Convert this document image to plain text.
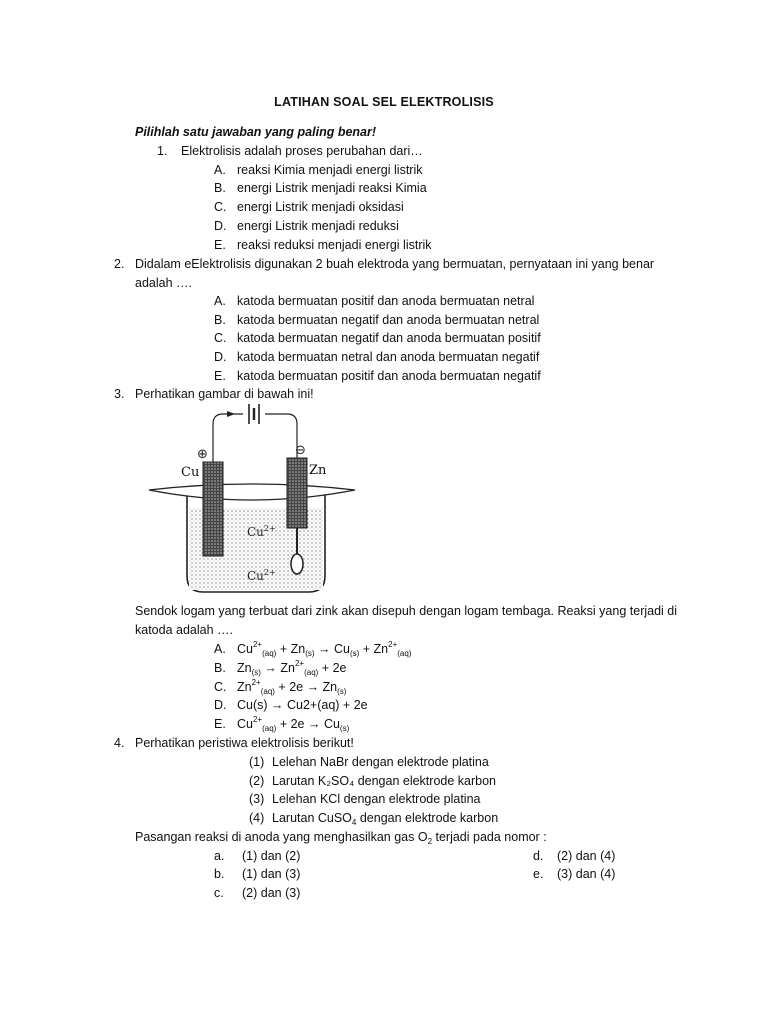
LATIHAN SOAL SEL ELEKTROLISIS
Pilihlah satu jawaban yang paling benar!
1. Elektrolisis adalah proses perubahan dari…
A. reaksi Kimia menjadi energi listrik
B. energi Listrik menjadi reaksi Kimia
C. energi Listrik menjadi oksidasi
D. energi Listrik menjadi reduksi
E. reaksi reduksi menjadi energi listrik
2. Didalam eElektrolisis digunakan 2 buah elektroda yang bermuatan, pernyataan ini yang benar
adalah ….
A. katoda bermuatan positif dan anoda bermuatan netral
B. katoda bermuatan negatif dan anoda bermuatan netral
C. katoda bermuatan negatif dan anoda bermuatan positif
D. katoda bermuatan netral dan anoda bermuatan negatif
E. katoda bermuatan positif dan anoda bermuatan negatif
3. Perhatikan gambar di bawah ini!
⊕	⊖
Cu	Zn
$Cu^{2+}$
$Cu^{2+}$
Sendok logam yang terbuat dari zink akan disepuh dengan logam tembaga. Reaksi yang terjadi di
katoda adalah ….
A. $Cu^{2+}_{(aq)} + Zn_{(s)} \to Cu_{(s)} + Zn^{2+}_{(aq)}$
B. $Zn_{(s)} \to Zn^{2+}_{(aq)} + 2e$
C. $Zn^{2+}_{(aq)} + 2e \to Zn_{(s)}$
D. Cu(s) → Cu2+(aq) + 2e
E. $Cu^{2+}_{(aq)} + 2e \to Cu_{(s)}$
4. Perhatikan peristiwa elektrolisis berikut!
(1) Lelehan NaBr dengan elektrode platina
(2) Larutan K₂SO₄ dengan elektrode karbon
(3) Lelehan KCl dengan elektrode platina
(4) Larutan CuSO$_4$ dengan elektrode karbon
Pasangan reaksi di anoda yang menghasilkan gas $O_2$ terjadi pada nomor :
a. (1) dan (2)
b. (1) dan (3)
c. (2) dan (3)
d. (2) dan (4)
e. (3) dan (4)
